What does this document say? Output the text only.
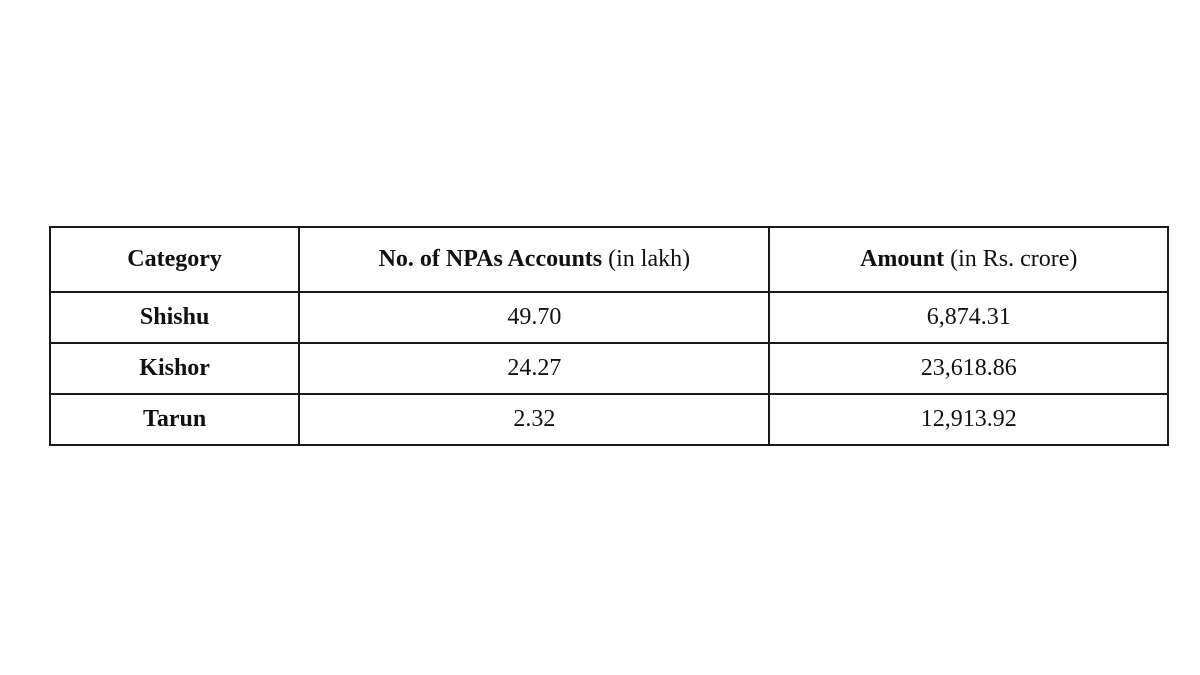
Category	No. of NPAs Accounts (in lakh)	Amount (in Rs. crore)
Shishu	49.70	6,874.31
Kishor	24.27	23,618.86
Tarun	2.32	12,913.92
